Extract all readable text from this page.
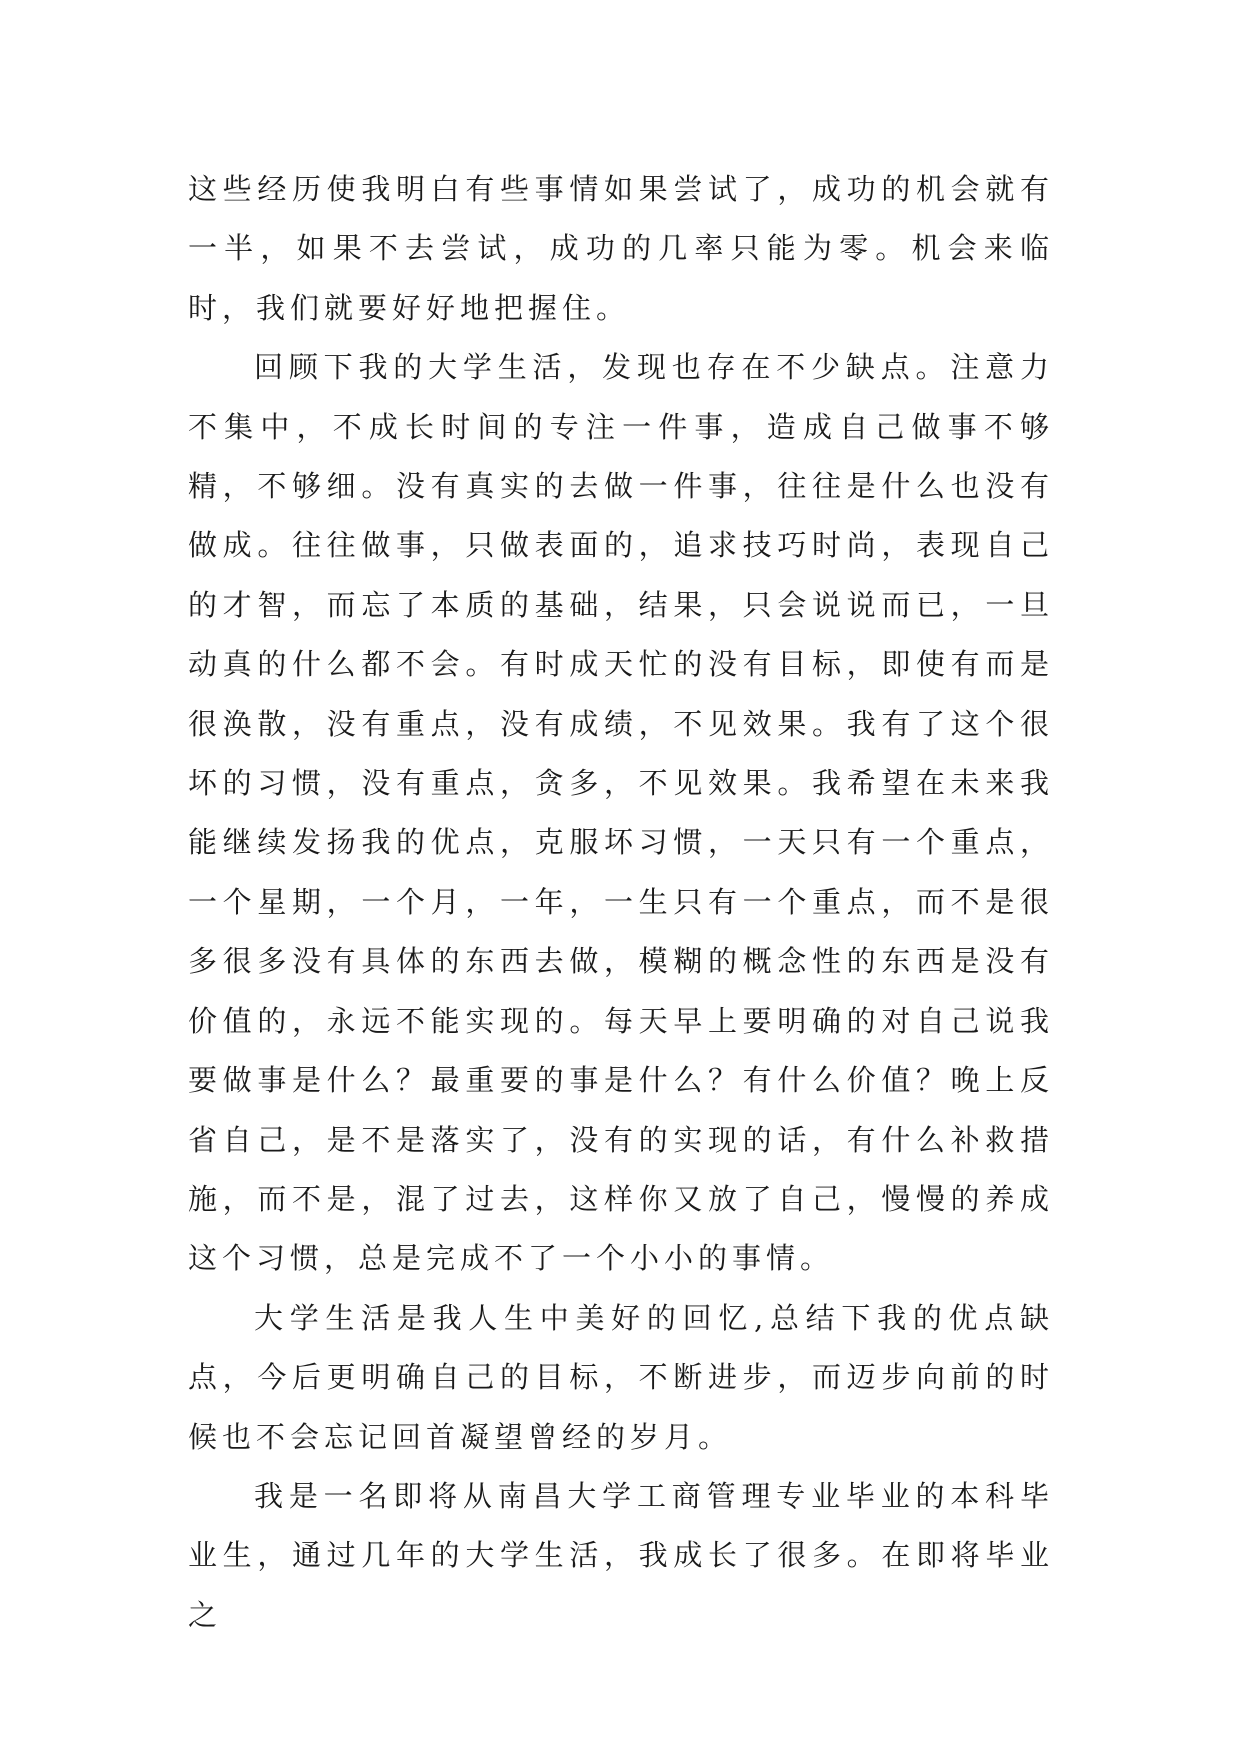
这些经历使我明白有些事情如果尝试了，成功的机会就有一半，如果不去尝试，成功的几率只能为零。机会来临时，我们就要好好地把握住。

回顾下我的大学生活，发现也存在不少缺点。注意力不集中，不成长时间的专注一件事，造成自己做事不够精，不够细。没有真实的去做一件事，往往是什么也没有做成。往往做事，只做表面的，追求技巧时尚，表现自己的才智，而忘了本质的基础，结果，只会说说而已，一旦动真的什么都不会。有时成天忙的没有目标，即使有而是很涣散，没有重点，没有成绩，不见效果。我有了这个很坏的习惯，没有重点，贪多，不见效果。我希望在未来我能继续发扬我的优点，克服坏习惯，一天只有一个重点，一个星期，一个月，一年，一生只有一个重点，而不是很多很多没有具体的东西去做，模糊的概念性的东西是没有价值的，永远不能实现的。每天早上要明确的对自己说我要做事是什么？最重要的事是什么？有什么价值？晚上反省自己，是不是落实了，没有的实现的话，有什么补救措施，而不是，混了过去，这样你又放了自己，慢慢的养成这个习惯，总是完成不了一个小小的事情。

大学生活是我人生中美好的回忆,总结下我的优点缺点，今后更明确自己的目标，不断进步，而迈步向前的时候也不会忘记回首凝望曾经的岁月。

我是一名即将从南昌大学工商管理专业毕业的本科毕业生，通过几年的大学生活，我成长了很多。在即将毕业之
